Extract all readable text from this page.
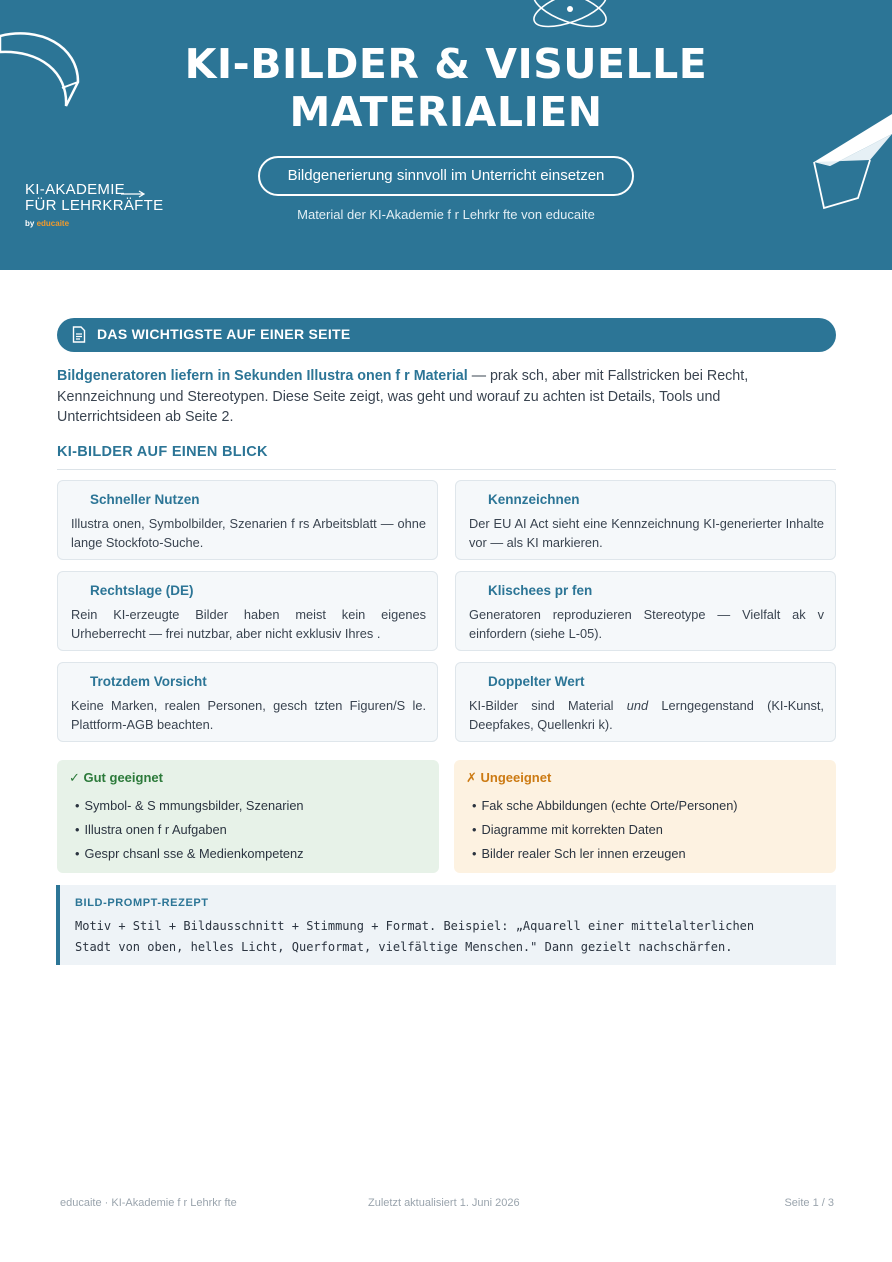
KI-BILDER & VISUELLE
MATERIALIEN
Bildgenerierung sinnvoll im Unterricht einsetzen
Material der KI-Akademie f r Lehrkr fte von educaite
KI-AKADEMIE
FÜR LEHRKRÄFTE
by educaite
DAS WICHTIGSTE AUF EINER SEITE
Bildgeneratoren liefern in Sekunden Illustra onen f r Material — prak sch, aber mit Fallstricken bei Recht, Kennzeichnung und Stereotypen. Diese Seite zeigt, was geht und worauf zu achten ist Details, Tools und Unterrichtsideen ab Seite 2.
KI-BILDER AUF EINEN BLICK
Schneller Nutzen
Illustra onen, Symbolbilder, Szenarien f rs Arbeitsblatt — ohne lange Stockfoto-Suche.
Kennzeichnen
Der EU AI Act sieht eine Kennzeichnung KI-generierter Inhalte vor — als KI markieren.
Rechtslage (DE)
Rein KI-erzeugte Bilder haben meist kein eigenes Urheberrecht — frei nutzbar, aber nicht exklusiv Ihres .
Klischees pr fen
Generatoren reproduzieren Stereotype — Vielfalt ak v einfordern (siehe L-05).
Trotzdem Vorsicht
Keine Marken, realen Personen, gesch tzten Figuren/S le. Plattform-AGB beachten.
Doppelter Wert
KI-Bilder sind Material und Lerngegenstand (KI-Kunst, Deepfakes, Quellenkri k).
✓ Gut geeignet
• Symbol- & S mmungsbilder, Szenarien
• Illustra onen f r Aufgaben
• Gespr chsanl sse & Medienkompetenz
✗ Ungeeignet
• Fak sche Abbildungen (echte Orte/Personen)
• Diagramme mit korrekten Daten
• Bilder realer Sch ler innen erzeugen
BILD-PROMPT-REZEPT
Motiv + Stil + Bildausschnitt + Stimmung + Format. Beispiel: „Aquarell einer mittelalterlichen
Stadt von oben, helles Licht, Querformat, vielfältige Menschen." Dann gezielt nachschärfen.
educaite · KI-Akademie f r Lehrkr fte	Zuletzt aktualisiert 1. Juni 2026	Seite 1 / 3
